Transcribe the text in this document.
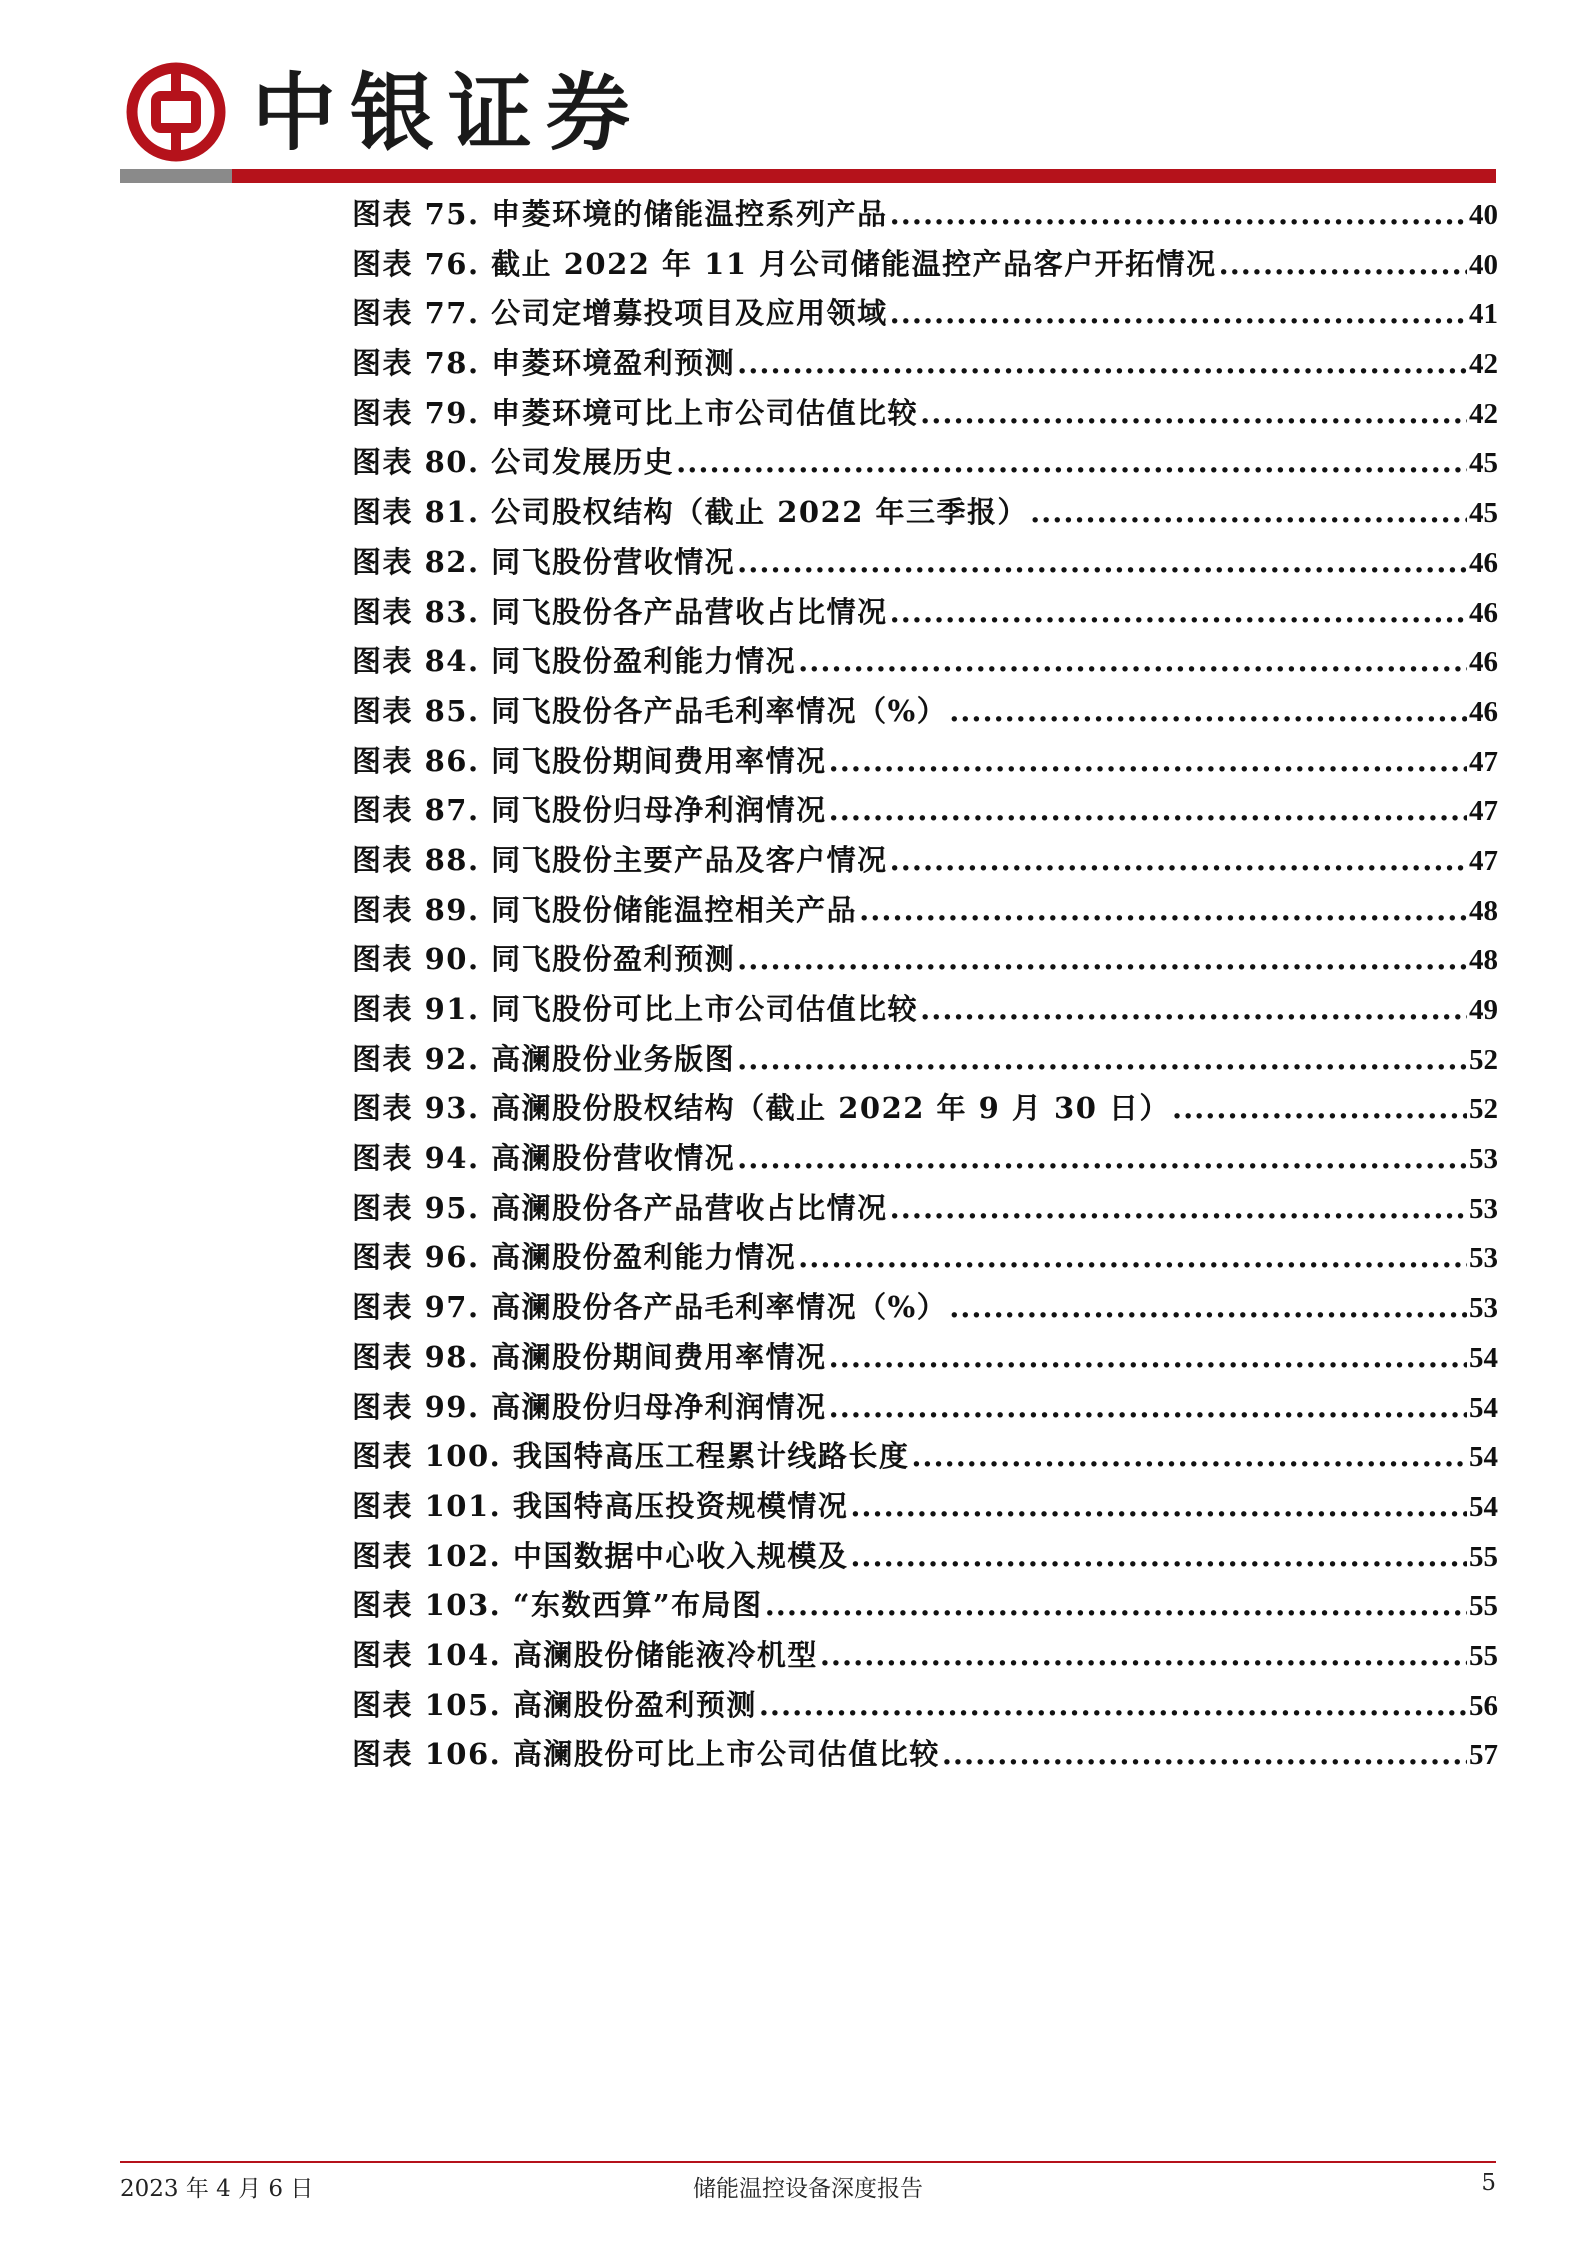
中银证券
图表 75. 申菱环境的储能温控系列产品 .....	40
图表 76. 截止 2022 年 11 月公司储能温控产品客户开拓情况 .....	40
图表 77. 公司定增募投项目及应用领域 .....	41
图表 78. 申菱环境盈利预测 .....	42
图表 79. 申菱环境可比上市公司估值比较 .....	42
图表 80. 公司发展历史 .....	45
图表 81. 公司股权结构（截止 2022 年三季报） .....	45
图表 82. 同飞股份营收情况 .....	46
图表 83. 同飞股份各产品营收占比情况 .....	46
图表 84. 同飞股份盈利能力情况 .....	46
图表 85. 同飞股份各产品毛利率情况（%） .....	46
图表 86. 同飞股份期间费用率情况 .....	47
图表 87. 同飞股份归母净利润情况 .....	47
图表 88. 同飞股份主要产品及客户情况 .....	47
图表 89. 同飞股份储能温控相关产品 .....	48
图表 90. 同飞股份盈利预测 .....	48
图表 91. 同飞股份可比上市公司估值比较 .....	49
图表 92. 高澜股份业务版图 .....	52
图表 93. 高澜股份股权结构（截止 2022 年 9 月 30 日） .....	52
图表 94. 高澜股份营收情况 .....	53
图表 95. 高澜股份各产品营收占比情况 .....	53
图表 96. 高澜股份盈利能力情况 .....	53
图表 97. 高澜股份各产品毛利率情况（%） .....	53
图表 98. 高澜股份期间费用率情况 .....	54
图表 99. 高澜股份归母净利润情况 .....	54
图表 100. 我国特高压工程累计线路长度 .....	54
图表 101. 我国特高压投资规模情况 .....	54
图表 102. 中国数据中心收入规模及 .....	55
图表 103. “东数西算”布局图 .....	55
图表 104. 高澜股份储能液冷机型 .....	55
图表 105. 高澜股份盈利预测 .....	56
图表 106. 高澜股份可比上市公司估值比较 .....	57
2023 年 4 月 6 日	储能温控设备深度报告	5
